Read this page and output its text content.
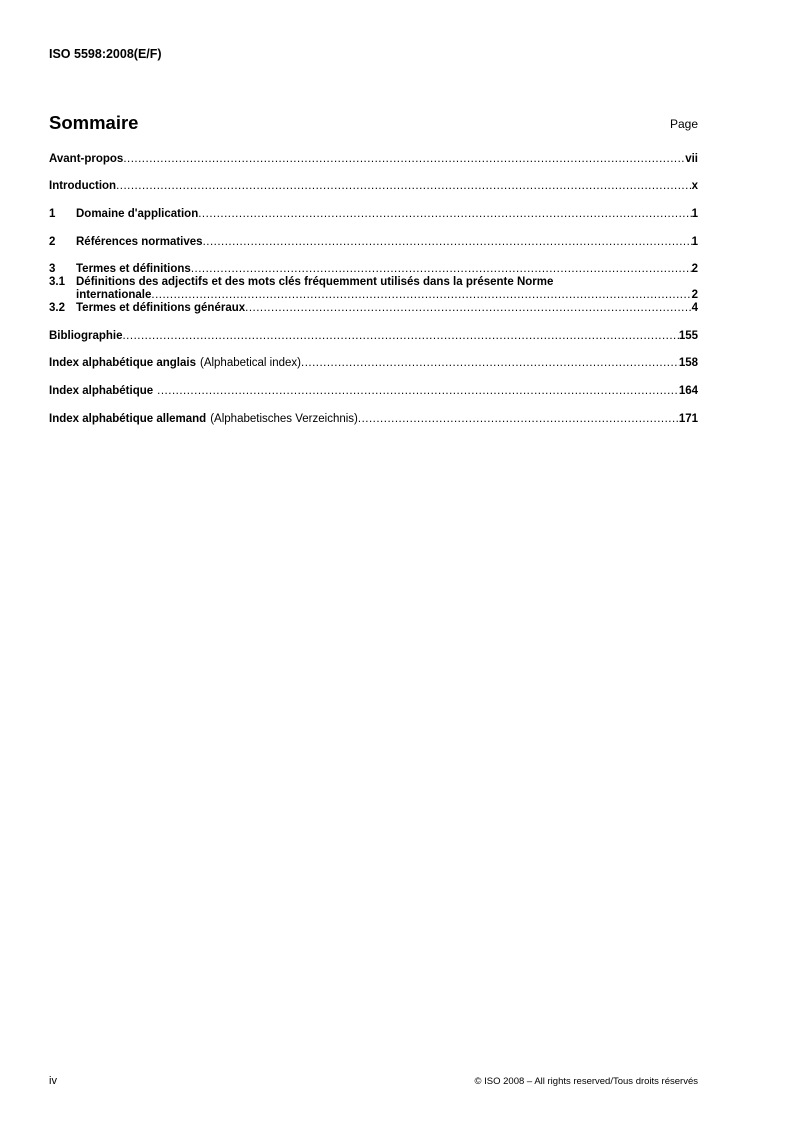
ISO 5598:2008(E/F)
Sommaire	Page
Avant-propos .....	vii
Introduction .....	x
1	Domaine d'application .....	1
2	Références normatives .....	1
3	Termes et définitions .....	2
3.1 Définitions des adjectifs et des mots clés fréquemment utilisés dans la présente Norme
internationale .....	2
3.2 Termes et définitions généraux .....	4
Bibliographie .....	155
Index alphabétique anglais (Alphabetical index) .....	158
Index alphabétique .....	164
Index alphabétique allemand (Alphabetisches Verzeichnis) .....	171
iv	© ISO 2008 – All rights reserved/Tous droits réservés
